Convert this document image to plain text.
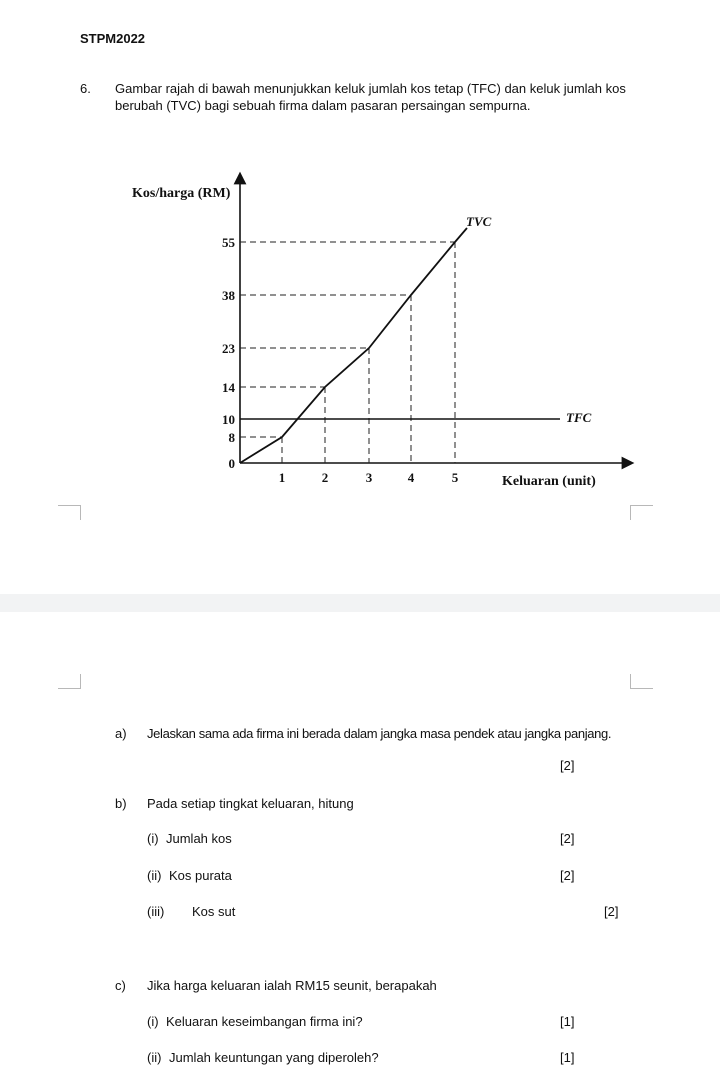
STPM2022
6. Gambar rajah di bawah menunjukkan keluk jumlah kos tetap (TFC) dan keluk jumlah kos
berubah (TVC) bagi sebuah firma dalam pasaran persaingan sempurna.
55
38
23
14
10
8
0
1	2	3	4	5
Kos/harga (RM)
Keluaran (unit)
TVC
TFC
a) Jelaskan sama ada firma ini berada dalam jangka masa pendek atau jangka panjang.
[2]
b) Pada setiap tingkat keluaran, hitung
(i) Jumlah kos	[2]
(ii) Kos purata	[2]
(iii) Kos sut	[2]
c) Jika harga keluaran ialah RM15 seunit, berapakah
(i) Keluaran keseimbangan firma ini?	[1]
(ii) Jumlah keuntungan yang diperoleh?	[1]
